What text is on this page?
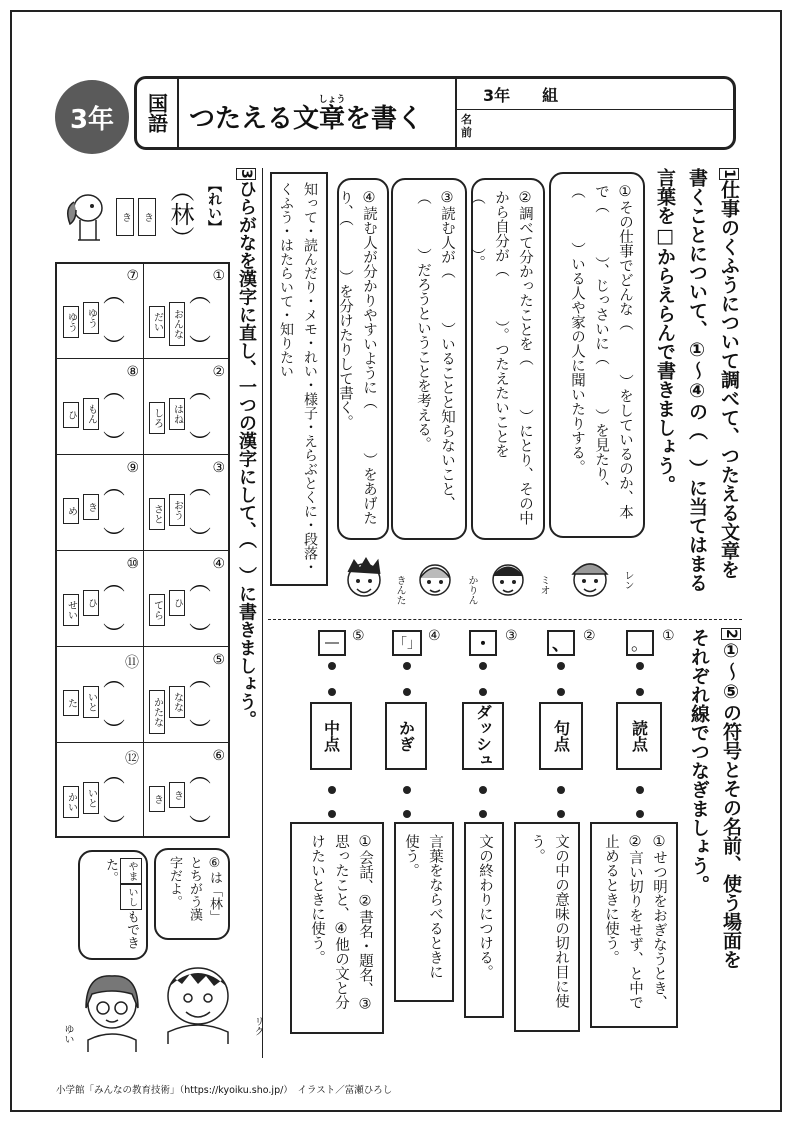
3年	国語 つたえる文章しょうを書く
3年　　組
名前
1仕事のくふうについて調べて、つたえる文章を
書くことについて、①〜④の（　）に当てはまる
言葉を□からえらんで書きましょう。
①その仕事でどんな（　　　）をしているのか、本で（　　　）、じっさいに（　　　）を見たり、（　　　）いる人や家の人に聞いたりする。
②調べて分かったことを（　　　）にとり、その中から自分が（　　　）。つたえたいことを（　　　）。
③読む人が（　　　）いることと知らないこと、（　　　）だろうということを考える。
④読む人が分かりやすいように（　　　）をあげたり、（　　　）を分けたりして書く。
知って・読んだり・メモ・れい・様子・えらぶとくに・段落・くふう・はたらいて・知りたい
レン
ミオ
かりん
きんた
2①〜⑤の符号とその名前、使う場面を
それぞれ線でつなぎましょう。
①
。
②
、
③
・
④
「」
⑤
―
読点
句点
ダッシュ
かぎ
中点
①せつ明をおぎなうとき、②言い切りをせず、と中で止めるときに使う。
文の中の意味の切れ目に使う。
文の終わりにつける。
言葉をならべるときに使う。
①会話、②書名・題名、③思ったこと、④他の文と分けたいときに使う。
3ひらがなを漢字に直し、一つの漢字にして、（　）に書きましょう。
【れい】
（林）
き
き
①
︵
︶
おんな
だい
②
︵
︶
はね
しろ
③
︵
︶
おう
さと
④
︵
︶
ひ
てら
⑤
︵
︶
なな
かたな
⑥
︵
︶
き
き
⑦
︵
︶
ゆう
ゆう
⑧
︵
︶
もん
ひ
⑨
︵
︶
き
め
⑩
︵
︶
ひ
せい
⑪
︵
︶
いと
た
⑫
︵
︶
いと
かい
⑥は「林」とちがう漢字だよ。
やまいしもできた。
リク
ゆい
小学館「みんなの教育技術」（https://kyoiku.sho.jp/）　イラスト／富瀬ひろし
